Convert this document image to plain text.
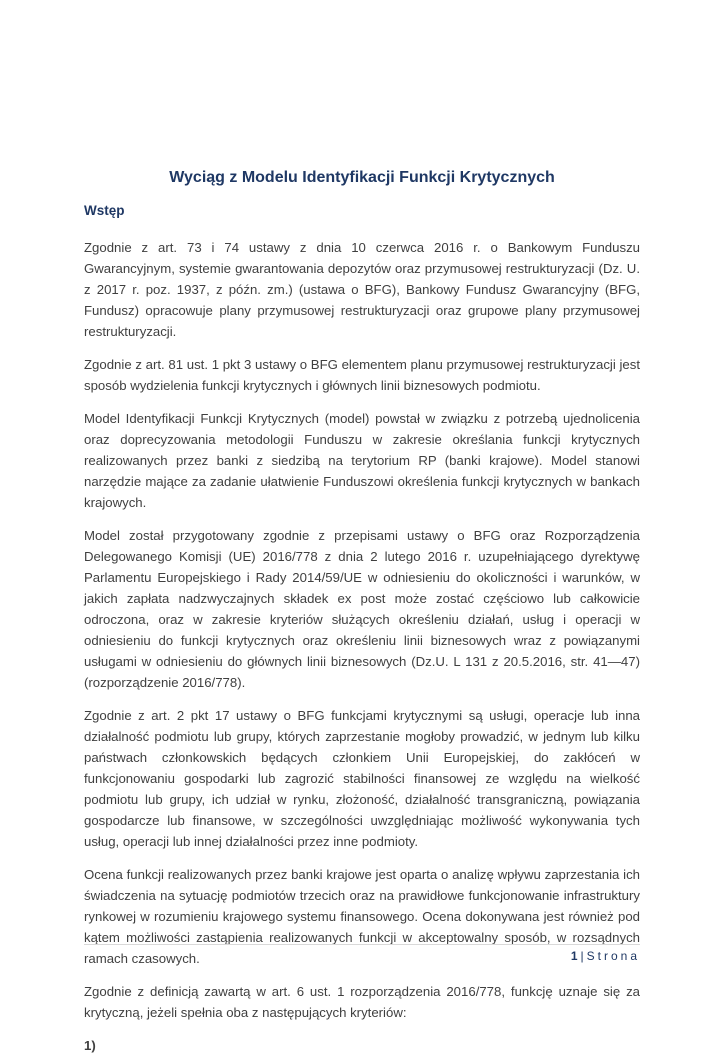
Wyciąg z Modelu Identyfikacji Funkcji Krytycznych
Wstęp

Zgodnie z art. 73 i 74 ustawy z dnia 10 czerwca 2016 r. o Bankowym Funduszu Gwarancyjnym, systemie gwarantowania depozytów oraz przymusowej restrukturyzacji (Dz. U. z 2017 r. poz. 1937, z późn. zm.) (ustawa o BFG), Bankowy Fundusz Gwarancyjny (BFG, Fundusz) opracowuje plany przymusowej restrukturyzacji oraz grupowe plany przymusowej restrukturyzacji.

Zgodnie z art. 81 ust. 1 pkt 3 ustawy o BFG elementem planu przymusowej restrukturyzacji jest sposób wydzielenia funkcji krytycznych i głównych linii biznesowych podmiotu.

Model Identyfikacji Funkcji Krytycznych (model) powstał w związku z potrzebą ujednolicenia oraz doprecyzowania metodologii Funduszu w zakresie określania funkcji krytycznych realizowanych przez banki z siedzibą na terytorium RP (banki krajowe). Model stanowi narzędzie mające za zadanie ułatwienie Funduszowi określenia funkcji krytycznych w bankach krajowych.

Model został przygotowany zgodnie z przepisami ustawy o BFG oraz Rozporządzenia Delegowanego Komisji (UE) 2016/778 z dnia 2 lutego 2016 r. uzupełniającego dyrektywę Parlamentu Europejskiego i Rady 2014/59/UE w odniesieniu do okoliczności i warunków, w jakich zapłata nadzwyczajnych składek ex post może zostać częściowo lub całkowicie odroczona, oraz w zakresie kryteriów służących określeniu działań, usług i operacji w odniesieniu do funkcji krytycznych oraz określeniu linii biznesowych wraz z powiązanymi usługami w odniesieniu do głównych linii biznesowych (Dz.U. L 131 z 20.5.2016, str. 41—47) (rozporządzenie 2016/778).

Zgodnie z art. 2 pkt 17 ustawy o BFG funkcjami krytycznymi są usługi, operacje lub inna działalność podmiotu lub grupy, których zaprzestanie mogłoby prowadzić, w jednym lub kilku państwach członkowskich będących członkiem Unii Europejskiej, do zakłóceń w funkcjonowaniu gospodarki lub zagrozić stabilności finansowej ze względu na wielkość podmiotu lub grupy, ich udział w rynku, złożoność, działalność transgraniczną, powiązania gospodarcze lub finansowe, w szczególności uwzględniając możliwość wykonywania tych usług, operacji lub innej działalności przez inne podmioty.

Ocena funkcji realizowanych przez banki krajowe jest oparta o analizę wpływu zaprzestania ich świadczenia na sytuację podmiotów trzecich oraz na prawidłowe funkcjonowanie infrastruktury rynkowej w rozumieniu krajowego systemu finansowego. Ocena dokonywana jest również pod kątem możliwości zastąpienia realizowanych funkcji w akceptowalny sposób, w rozsądnych ramach czasowych.

Zgodnie z definicją zawartą w art. 6 ust. 1 rozporządzenia 2016/778, funkcję uznaje się za krytyczną, jeżeli spełnia oba z następujących kryteriów:

1)

1|Strona
